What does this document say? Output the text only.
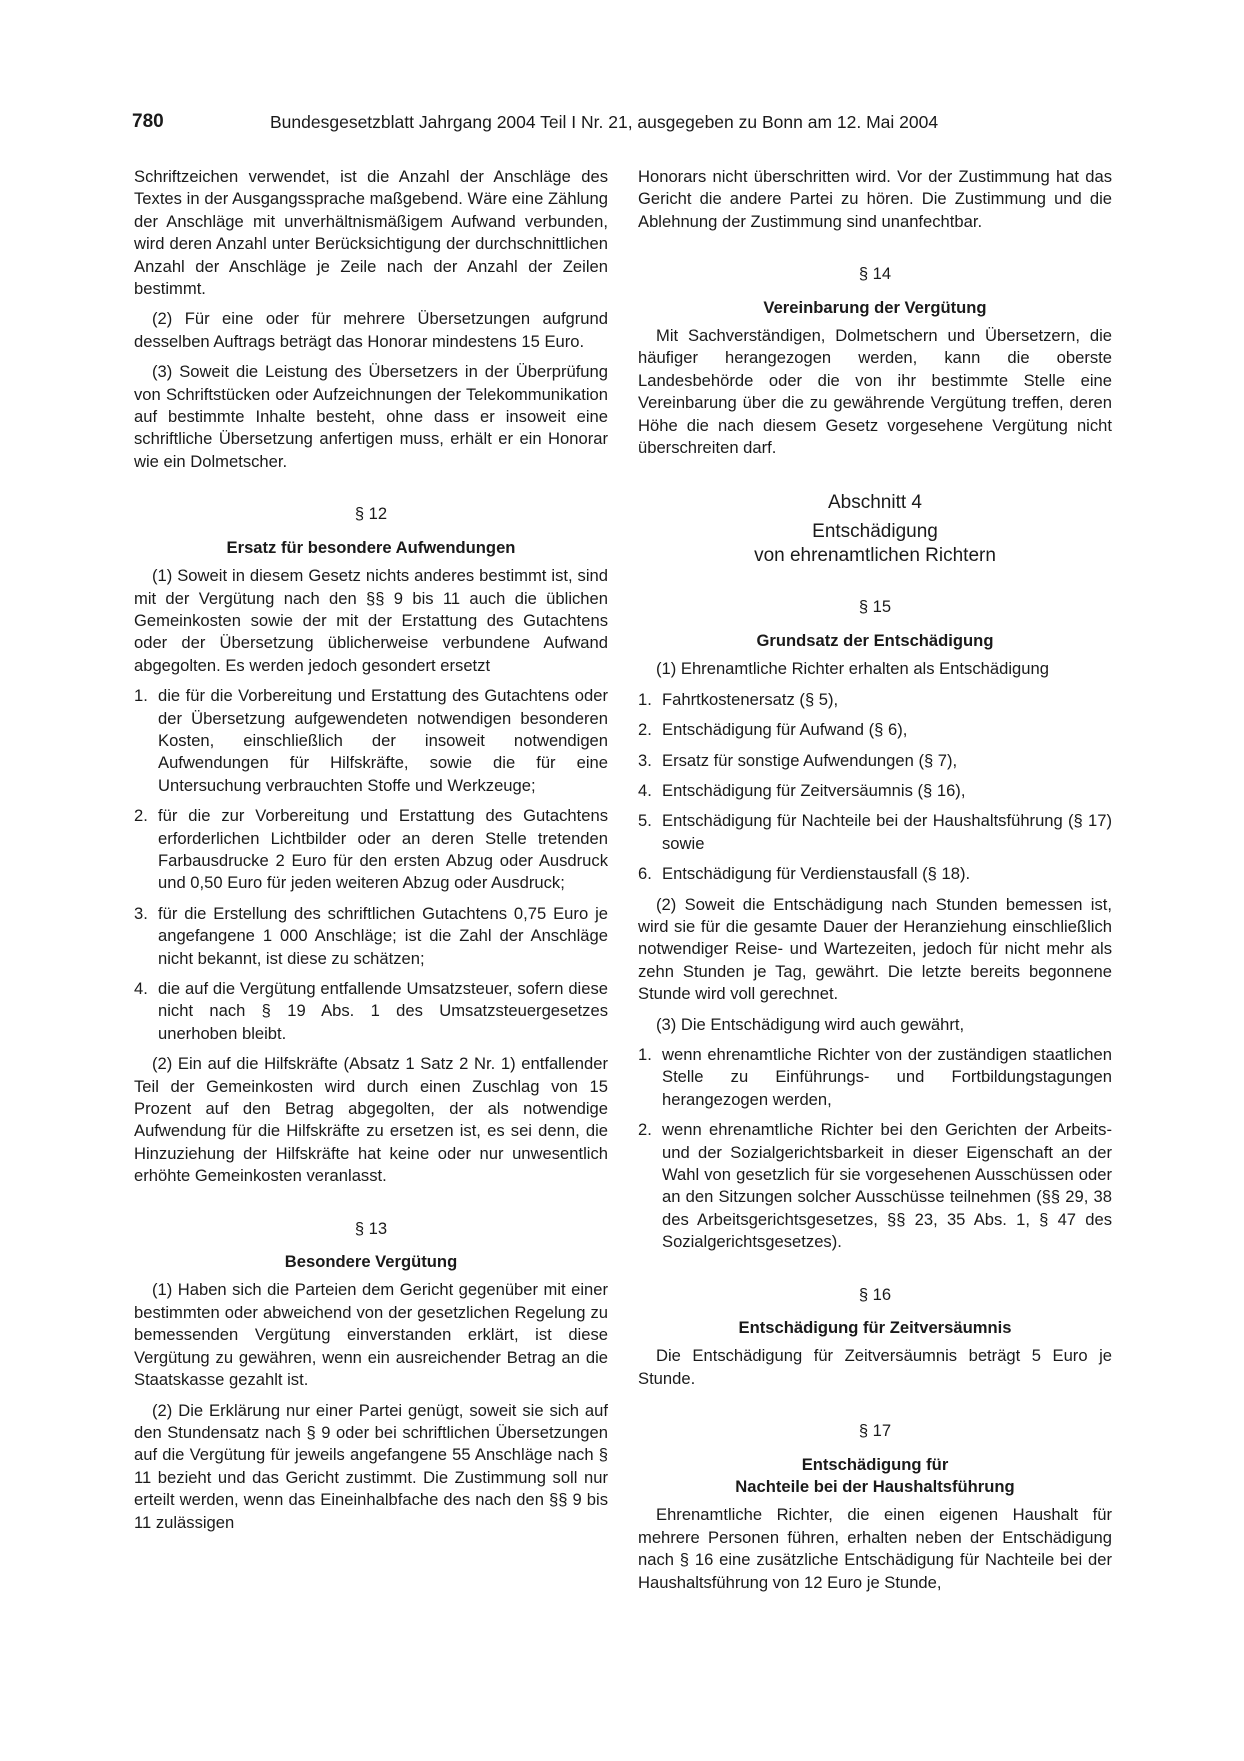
780	Bundesgesetzblatt Jahrgang 2004 Teil I Nr. 21, ausgegeben zu Bonn am 12. Mai 2004
Schriftzeichen verwendet, ist die Anzahl der Anschläge des Textes in der Ausgangssprache maßgebend. Wäre eine Zählung der Anschläge mit unverhältnismäßigem Aufwand verbunden, wird deren Anzahl unter Berücksichtigung der durchschnittlichen Anzahl der Anschläge je Zeile nach der Anzahl der Zeilen bestimmt.
(2) Für eine oder für mehrere Übersetzungen aufgrund desselben Auftrags beträgt das Honorar mindestens 15 Euro.
(3) Soweit die Leistung des Übersetzers in der Überprüfung von Schriftstücken oder Aufzeichnungen der Telekommunikation auf bestimmte Inhalte besteht, ohne dass er insoweit eine schriftliche Übersetzung anfertigen muss, erhält er ein Honorar wie ein Dolmetscher.
§ 12
Ersatz für besondere Aufwendungen
(1) Soweit in diesem Gesetz nichts anderes bestimmt ist, sind mit der Vergütung nach den §§ 9 bis 11 auch die üblichen Gemeinkosten sowie der mit der Erstattung des Gutachtens oder der Übersetzung üblicherweise verbundene Aufwand abgegolten. Es werden jedoch gesondert ersetzt
1. die für die Vorbereitung und Erstattung des Gutachtens oder der Übersetzung aufgewendeten notwendigen besonderen Kosten, einschließlich der insoweit notwendigen Aufwendungen für Hilfskräfte, sowie die für eine Untersuchung verbrauchten Stoffe und Werkzeuge;
2. für die zur Vorbereitung und Erstattung des Gutachtens erforderlichen Lichtbilder oder an deren Stelle tretenden Farbausdrucke 2 Euro für den ersten Abzug oder Ausdruck und 0,50 Euro für jeden weiteren Abzug oder Ausdruck;
3. für die Erstellung des schriftlichen Gutachtens 0,75 Euro je angefangene 1 000 Anschläge; ist die Zahl der Anschläge nicht bekannt, ist diese zu schätzen;
4. die auf die Vergütung entfallende Umsatzsteuer, sofern diese nicht nach § 19 Abs. 1 des Umsatzsteuergesetzes unerhoben bleibt.
(2) Ein auf die Hilfskräfte (Absatz 1 Satz 2 Nr. 1) entfallender Teil der Gemeinkosten wird durch einen Zuschlag von 15 Prozent auf den Betrag abgegolten, der als notwendige Aufwendung für die Hilfskräfte zu ersetzen ist, es sei denn, die Hinzuziehung der Hilfskräfte hat keine oder nur unwesentlich erhöhte Gemeinkosten veranlasst.
§ 13
Besondere Vergütung
(1) Haben sich die Parteien dem Gericht gegenüber mit einer bestimmten oder abweichend von der gesetzlichen Regelung zu bemessenden Vergütung einverstanden erklärt, ist diese Vergütung zu gewähren, wenn ein ausreichender Betrag an die Staatskasse gezahlt ist.
(2) Die Erklärung nur einer Partei genügt, soweit sie sich auf den Stundensatz nach § 9 oder bei schriftlichen Übersetzungen auf die Vergütung für jeweils angefangene 55 Anschläge nach § 11 bezieht und das Gericht zustimmt. Die Zustimmung soll nur erteilt werden, wenn das Eineinhalbfache des nach den §§ 9 bis 11 zulässigen
Honorars nicht überschritten wird. Vor der Zustimmung hat das Gericht die andere Partei zu hören. Die Zustimmung und die Ablehnung der Zustimmung sind unanfechtbar.
§ 14
Vereinbarung der Vergütung
Mit Sachverständigen, Dolmetschern und Übersetzern, die häufiger herangezogen werden, kann die oberste Landesbehörde oder die von ihr bestimmte Stelle eine Vereinbarung über die zu gewährende Vergütung treffen, deren Höhe die nach diesem Gesetz vorgesehene Vergütung nicht überschreiten darf.
Abschnitt 4
Entschädigung
von ehrenamtlichen Richtern
§ 15
Grundsatz der Entschädigung
(1) Ehrenamtliche Richter erhalten als Entschädigung
1. Fahrtkostenersatz (§ 5),
2. Entschädigung für Aufwand (§ 6),
3. Ersatz für sonstige Aufwendungen (§ 7),
4. Entschädigung für Zeitversäumnis (§ 16),
5. Entschädigung für Nachteile bei der Haushaltsführung (§ 17) sowie
6. Entschädigung für Verdienstausfall (§ 18).
(2) Soweit die Entschädigung nach Stunden bemessen ist, wird sie für die gesamte Dauer der Heranziehung einschließlich notwendiger Reise- und Wartezeiten, jedoch für nicht mehr als zehn Stunden je Tag, gewährt. Die letzte bereits begonnene Stunde wird voll gerechnet.
(3) Die Entschädigung wird auch gewährt,
1. wenn ehrenamtliche Richter von der zuständigen staatlichen Stelle zu Einführungs- und Fortbildungstagungen herangezogen werden,
2. wenn ehrenamtliche Richter bei den Gerichten der Arbeits- und der Sozialgerichtsbarkeit in dieser Eigenschaft an der Wahl von gesetzlich für sie vorgesehenen Ausschüssen oder an den Sitzungen solcher Ausschüsse teilnehmen (§§ 29, 38 des Arbeitsgerichtsgesetzes, §§ 23, 35 Abs. 1, § 47 des Sozialgerichtsgesetzes).
§ 16
Entschädigung für Zeitversäumnis
Die Entschädigung für Zeitversäumnis beträgt 5 Euro je Stunde.
§ 17
Entschädigung für
Nachteile bei der Haushaltsführung
Ehrenamtliche Richter, die einen eigenen Haushalt für mehrere Personen führen, erhalten neben der Entschädigung nach § 16 eine zusätzliche Entschädigung für Nachteile bei der Haushaltsführung von 12 Euro je Stunde,
